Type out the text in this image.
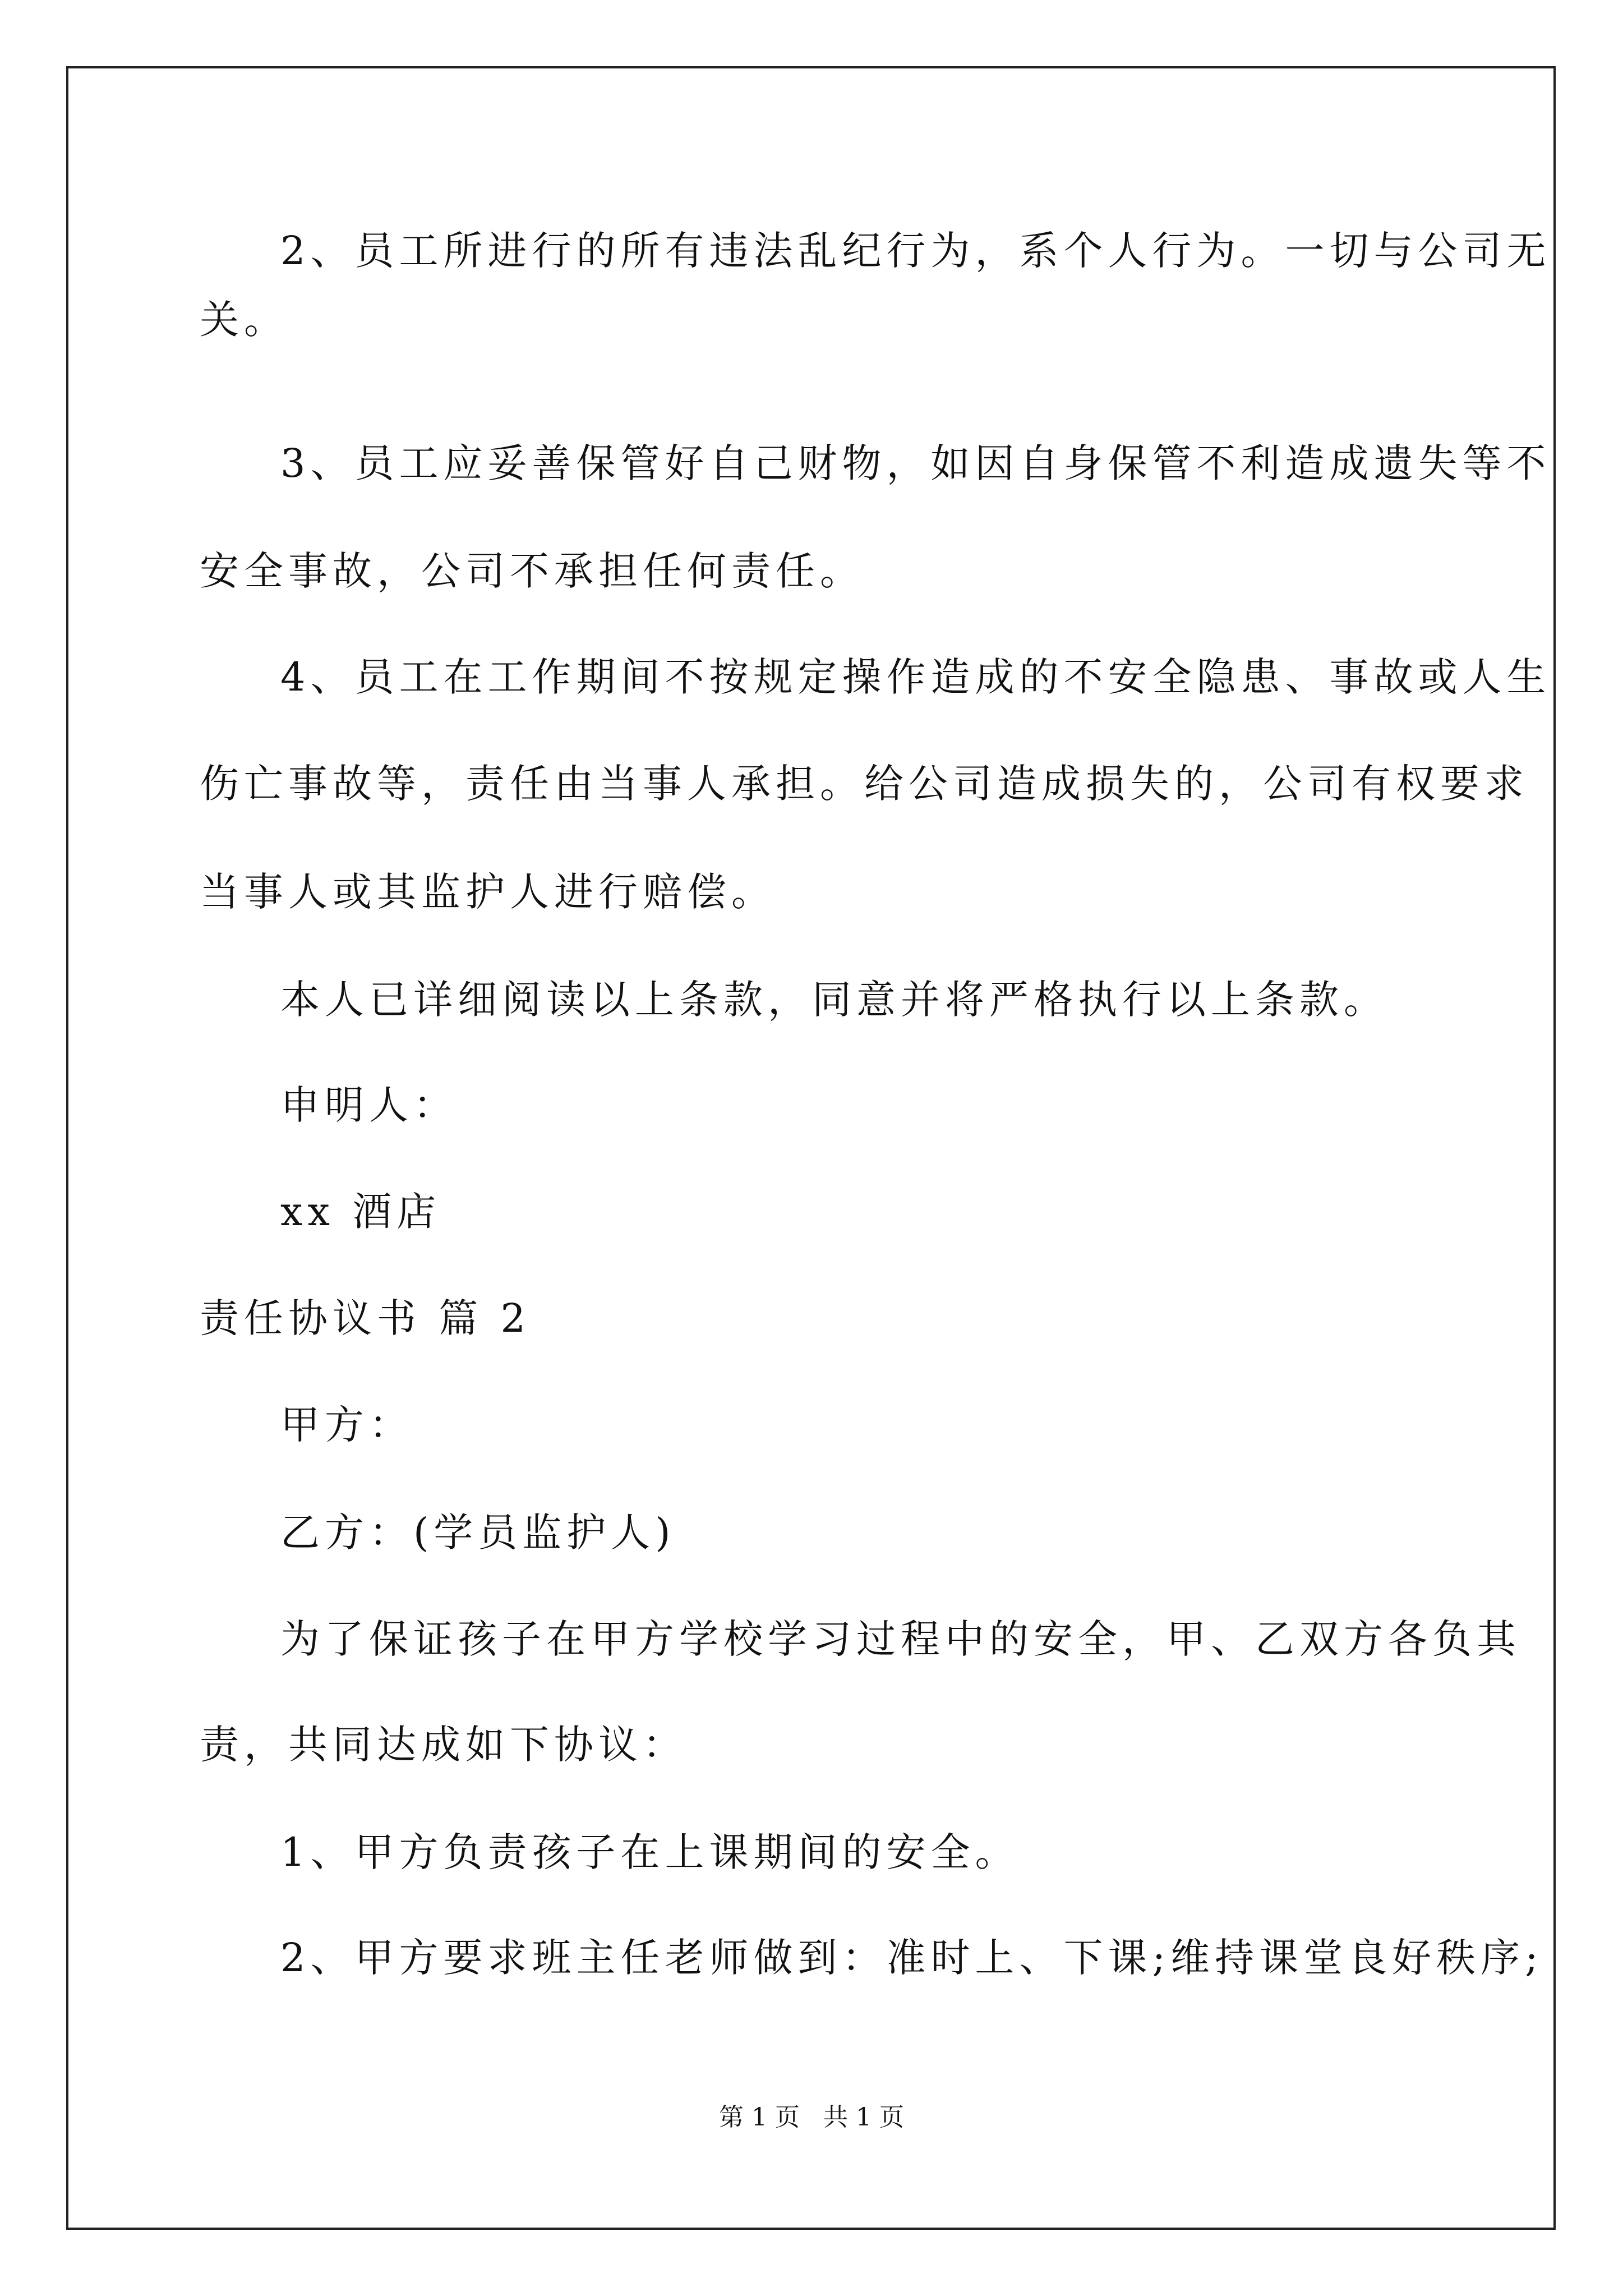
2、员工所进行的所有违法乱纪行为，系个人行为。一切与公司无
关。
3、员工应妥善保管好自己财物，如因自身保管不利造成遗失等不
安全事故，公司不承担任何责任。
4、员工在工作期间不按规定操作造成的不安全隐患、事故或人生
伤亡事故等，责任由当事人承担。给公司造成损失的，公司有权要求
当事人或其监护人进行赔偿。
本人已详细阅读以上条款，同意并将严格执行以上条款。
申明人：
xx 酒店
责任协议书 篇 2
甲方：
乙方：(学员监护人)
为了保证孩子在甲方学校学习过程中的安全，甲、乙双方各负其
责，共同达成如下协议：
1、甲方负责孩子在上课期间的安全。
2、甲方要求班主任老师做到：准时上、下课;维持课堂良好秩序;
第 1 页   共 1 页
